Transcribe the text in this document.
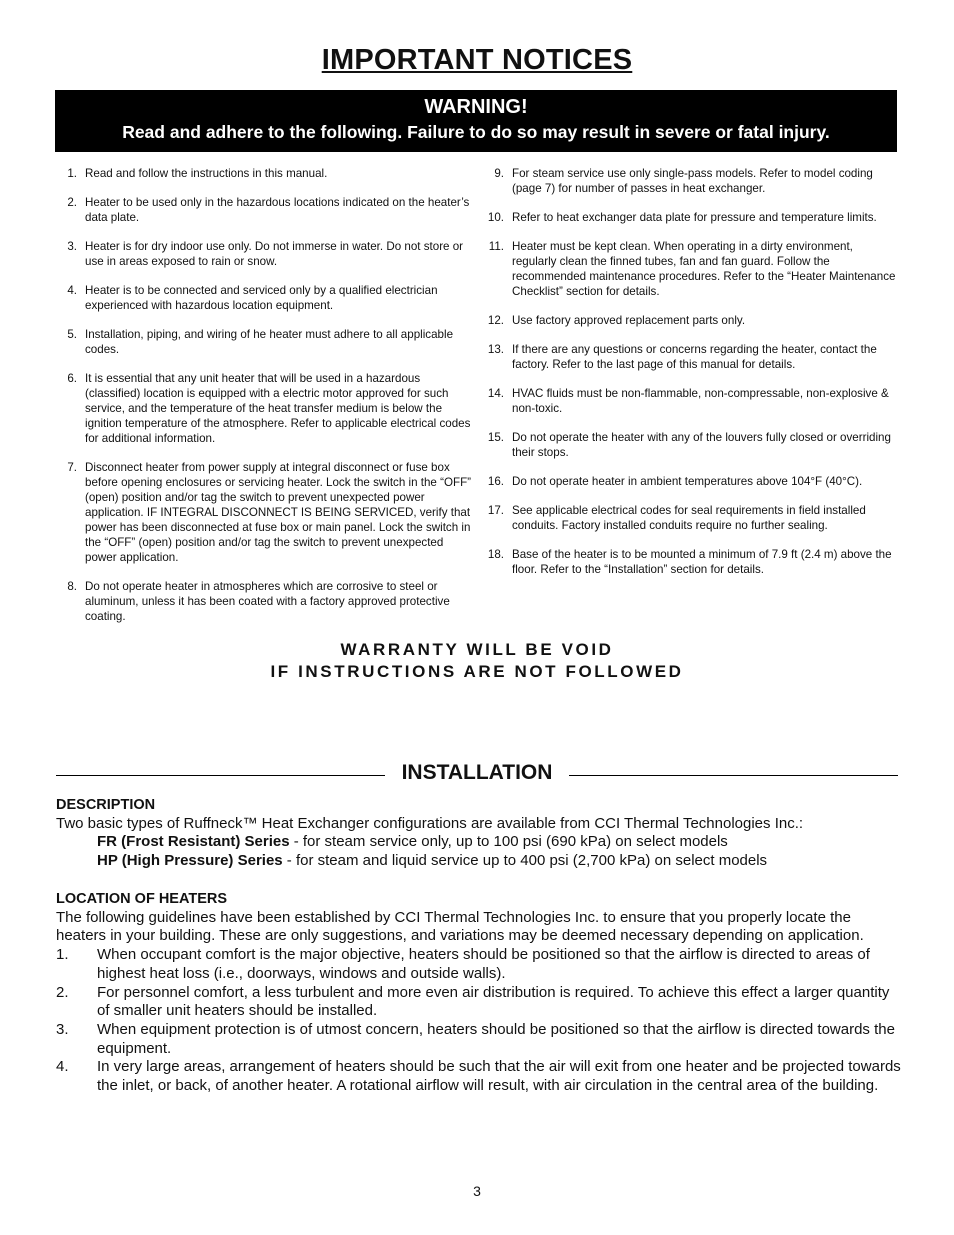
IMPORTANT NOTICES
WARNING!
Read and adhere to the following. Failure to do so may result in severe or fatal injury.
1. Read and follow the instructions in this manual.
2. Heater to be used only in the hazardous locations indicated on the heater’s data plate.
3. Heater is for dry indoor use only. Do not immerse in water. Do not store or use in areas exposed to rain or snow.
4. Heater is to be connected and serviced only by a qualified electrician experienced with hazardous location equipment.
5. Installation, piping, and wiring of he heater must adhere to all applicable codes.
6. It is essential that any unit heater that will be used in a hazardous (classified) location is equipped with a electric motor approved for such service, and the temperature of the heat transfer medium is below the ignition temperature of the atmosphere. Refer to applicable electrical codes for additional information.
7. Disconnect heater from power supply at integral disconnect or fuse box before opening enclosures or servicing heater. Lock the switch in the “OFF” (open) position and/or tag the switch to prevent unexpected power application. IF INTEGRAL DISCONNECT IS BEING SERVICED, verify that power has been disconnected at fuse box or main panel. Lock the switch in the “OFF” (open) position and/or tag the switch to prevent unexpected power application.
8. Do not operate heater in atmospheres which are corrosive to steel or aluminum, unless it has been coated with a factory approved protective coating.
9. For steam service use only single-pass models. Refer to model coding (page 7) for number of passes in heat exchanger.
10. Refer to heat exchanger data plate for pressure and temperature limits.
11. Heater must be kept clean. When operating in a dirty environment, regularly clean the finned tubes, fan and fan guard. Follow the recommended maintenance procedures. Refer to the “Heater Maintenance Checklist” section for details.
12. Use factory approved replacement parts only.
13. If there are any questions or concerns regarding the heater, contact the factory. Refer to the last page of this manual for details.
14. HVAC fluids must be non-flammable, non-compressable, non-explosive & non-toxic.
15. Do not operate the heater with any of the louvers fully closed or overriding their stops.
16. Do not operate heater in ambient temperatures above 104°F (40°C).
17. See applicable electrical codes for seal requirements in field installed conduits. Factory installed conduits require no further sealing.
18. Base of the heater is to be mounted a minimum of 7.9 ft (2.4 m) above the floor. Refer to the “Installation” section for details.
WARRANTY WILL BE VOID
IF INSTRUCTIONS ARE NOT FOLLOWED
INSTALLATION
DESCRIPTION
Two basic types of Ruffneck™ Heat Exchanger configurations are available from CCI Thermal Technologies Inc.:
FR (Frost Resistant) Series - for steam service only, up to 100 psi (690 kPa) on select models
HP (High Pressure) Series - for steam and liquid service up to 400 psi (2,700 kPa) on select models
LOCATION OF HEATERS
The following guidelines have been established by CCI Thermal Technologies Inc. to ensure that you properly locate the heaters in your building. These are only suggestions, and variations may be deemed necessary depending on application.
1.	When occupant comfort is the major objective, heaters should be positioned so that the airflow is directed to areas of highest heat loss (i.e., doorways, windows and outside walls).
2.	For personnel comfort, a less turbulent and more even air distribution is required. To achieve this effect a larger quantity of smaller unit heaters should be installed.
3.	When equipment protection is of utmost concern, heaters should be positioned so that the airflow is directed towards the equipment.
4.	In very large areas, arrangement of heaters should be such that the air will exit from one heater and be projected towards the inlet, or back, of another heater. A rotational airflow will result, with air circulation in the central area of the building.
3
